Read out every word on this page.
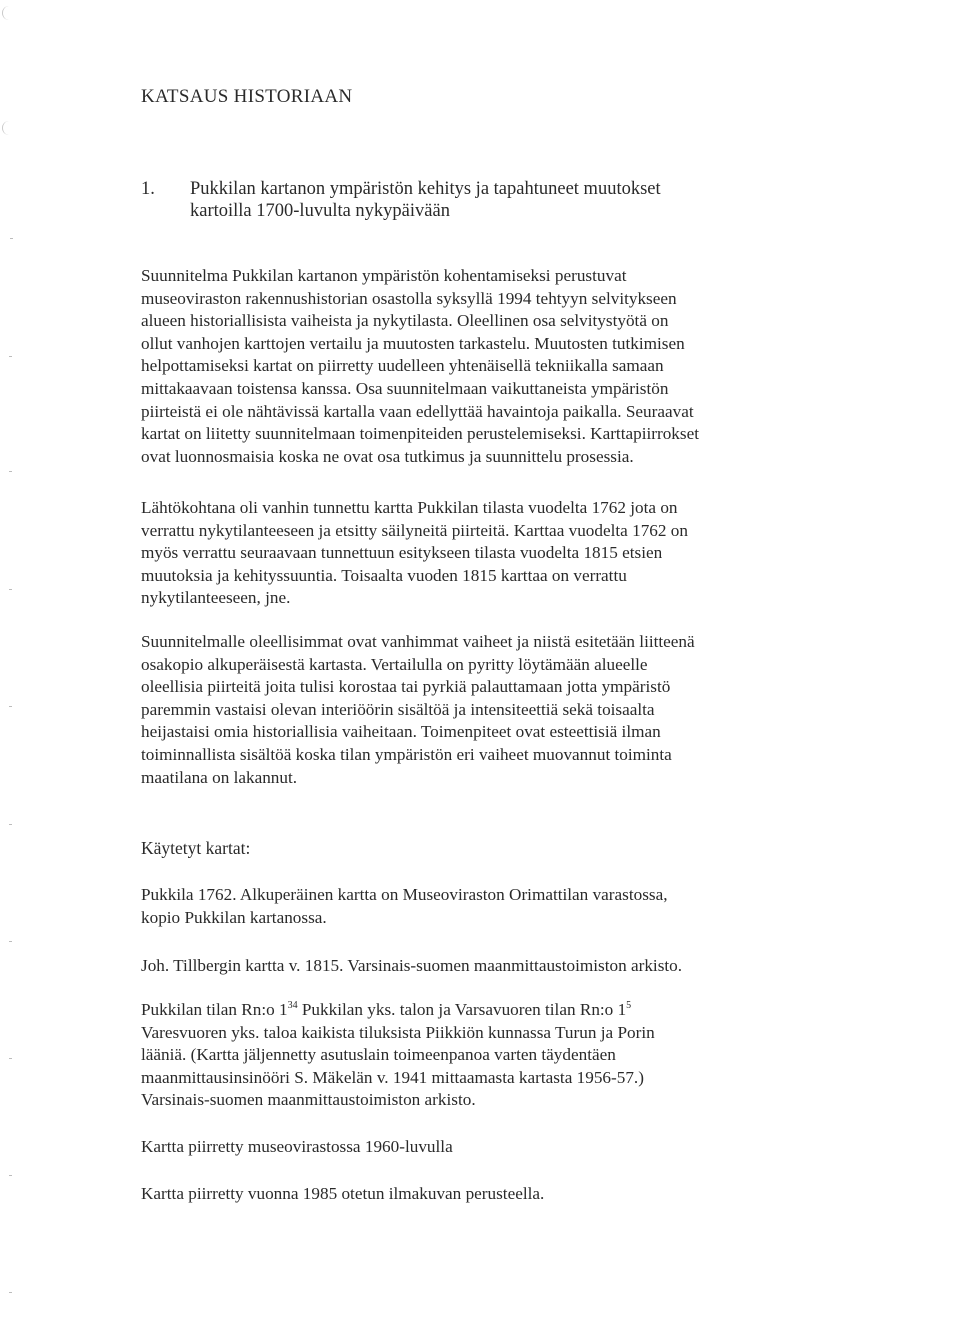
KATSAUS HISTORIAAN
1. Pukkilan kartanon ympäristön kehitys ja tapahtuneet muutokset
kartoilla 1700-luvulta nykypäivään

Suunnitelma Pukkilan kartanon ympäristön kohentamiseksi perustuvat
museoviraston rakennushistorian osastolla syksyllä 1994 tehtyyn selvitykseen
alueen historiallisista vaiheista ja nykytilasta. Oleellinen osa selvitystyötä on
ollut vanhojen karttojen vertailu ja muutosten tarkastelu. Muutosten tutkimisen
helpottamiseksi kartat on piirretty uudelleen yhtenäisellä tekniikalla samaan
mittakaavaan toistensa kanssa. Osa suunnitelmaan vaikuttaneista ympäristön
piirteistä ei ole nähtävissä kartalla vaan edellyttää havaintoja paikalla. Seuraavat
kartat on liitetty suunnitelmaan toimenpiteiden perustelemiseksi. Karttapiirrokset
ovat luonnosmaisia koska ne ovat osa tutkimus ja suunnittelu prosessia.

Lähtökohtana oli vanhin tunnettu kartta Pukkilan tilasta vuodelta 1762 jota on
verrattu nykytilanteeseen ja etsitty säilyneitä piirteitä. Karttaa vuodelta 1762 on
myös verrattu seuraavaan tunnettuun esitykseen tilasta vuodelta 1815 etsien
muutoksia ja kehityssuuntia. Toisaalta vuoden 1815 karttaa on verrattu
nykytilanteeseen, jne.

Suunnitelmalle oleellisimmat ovat vanhimmat vaiheet ja niistä esitetään liitteenä
osakopio alkuperäisestä kartasta. Vertailulla on pyritty löytämään alueelle
oleellisia piirteitä joita tulisi korostaa tai pyrkiä palauttamaan jotta ympäristö
paremmin vastaisi olevan interiöörin sisältöä ja intensiteettiä sekä toisaalta
heijastaisi omia historiallisia vaiheitaan. Toimenpiteet ovat esteettisiä ilman
toiminnallista sisältöä koska tilan ympäristön eri vaiheet muovannut toiminta
maatilana on lakannut.

Käytetyt kartat:

Pukkila 1762. Alkuperäinen kartta on Museoviraston Orimattilan varastossa,
kopio Pukkilan kartanossa.

Joh. Tillbergin kartta v. 1815. Varsinais-suomen maanmittaustoimiston arkisto.

Pukkilan tilan Rn:o $1^{34}$ Pukkilan yks. talon ja Varsavuoren tilan Rn:o $1^5$
Varesvuoren yks. taloa kaikista tiluksista Piikkiön kunnassa Turun ja Porin
lääniä. (Kartta jäljennetty asutuslain toimeenpanoa varten täydentäen
maanmittausinsinööri S. Mäkelän v. 1941 mittaamasta kartasta 1956-57.)
Varsinais-suomen maanmittaustoimiston arkisto.

Kartta piirretty museovirastossa 1960-luvulla

Kartta piirretty vuonna 1985 otetun ilmakuvan perusteella.
